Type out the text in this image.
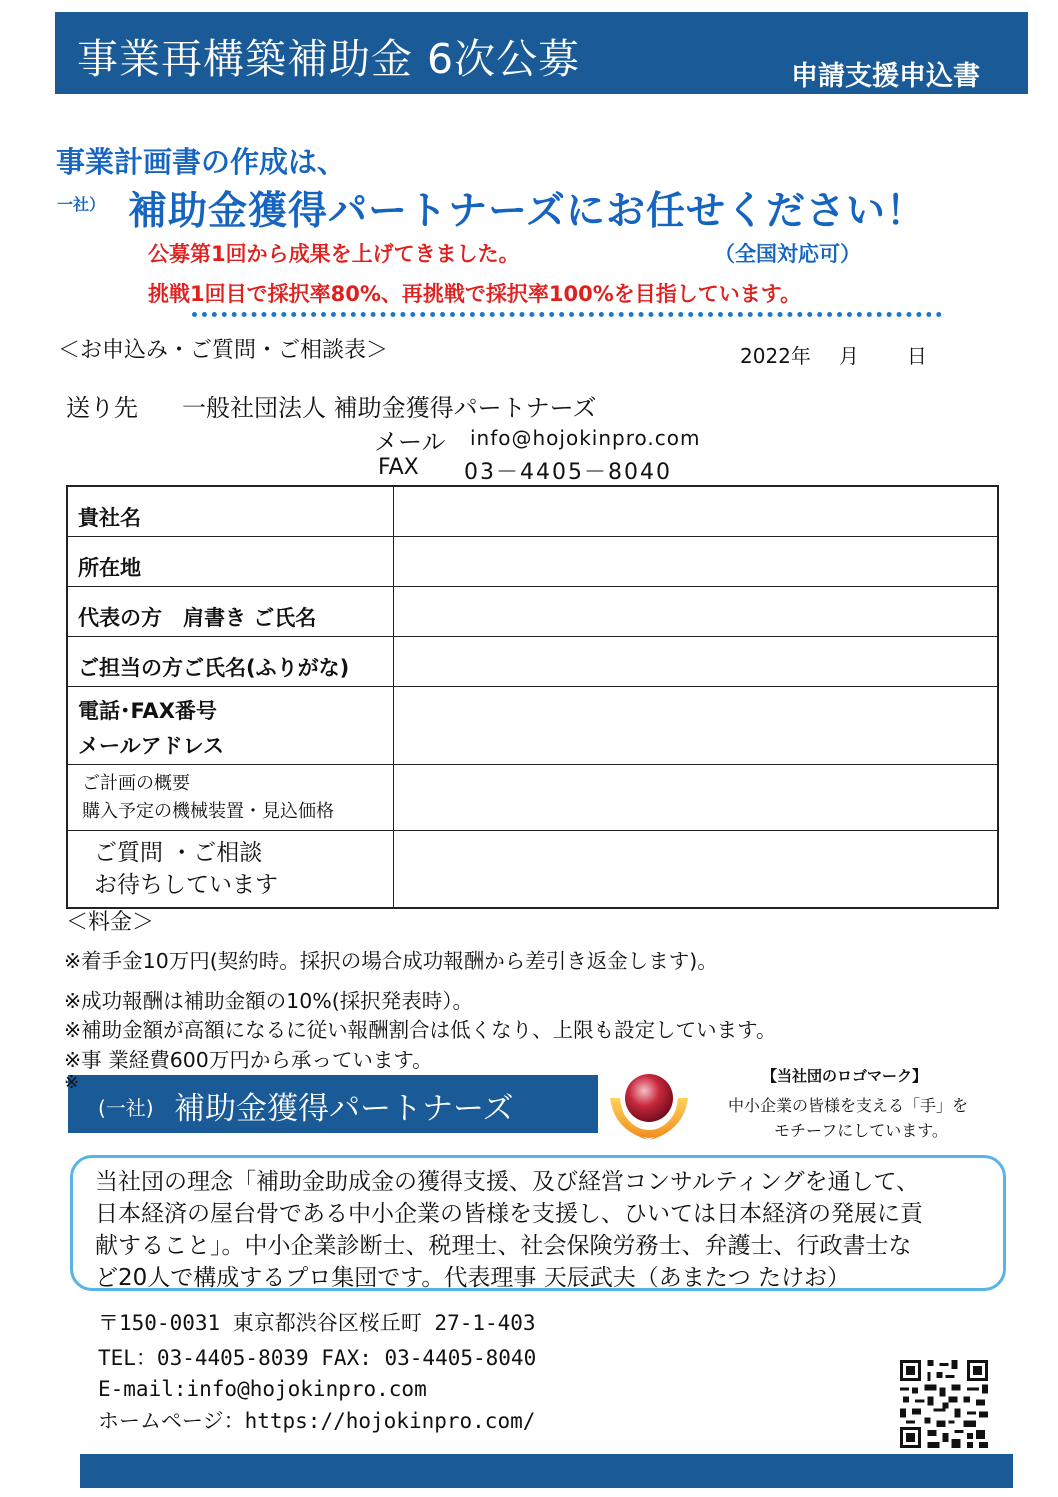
事業再構築補助金 6次公募	申請支援申込書
事業計画書の作成は、
一社） 補助金獲得パートナーズにお任せください！
公募第1回から成果を上げてきました。	（全国対応可）
挑戦1回目で採択率80%、再挑戦で採択率100%を目指しています。
＜お申込み・ご質問・ご相談表＞	2022年 月 日
送り先 一般社団法人 補助金獲得パートナーズ
メール info@hojokinpro.com
FAX 03－4405－8040
貴社名
所在地
代表の方　肩書き ご氏名
ご担当の方ご氏名(ふりがな)
電話･FAX番号
メールアドレス
ご計画の概要
購入予定の機械装置・見込価格
ご質問 ・ご相談
お待ちしています
＜料金＞
※着手金10万円(契約時。採択の場合成功報酬から差引き返金します)。
※成功報酬は補助金額の10%(採択発表時）。
※補助金額が高額になるに従い報酬割合は低くなり、上限も設定しています。
※事 業経費600万円から承っています。
(一社) 補助金獲得パートナーズ
※	【当社団のロゴマーク】
中小企業の皆様を支える「手」を
モチーフにしています。
当社団の理念「補助金助成金の獲得支援、及び経営コンサルティングを通して、
日本経済の屋台骨である中小企業の皆様を支援し、ひいては日本経済の発展に貢
献すること」。中小企業診断士、税理士、社会保険労務士、弁護士、行政書士な
ど20人で構成するプロ集団です。代表理事 天辰武夫（あまたつ たけお）
〒150-0031 東京都渋谷区桜丘町 27-1-403
TEL：03-4405-8039 FAX: 03-4405-8040
E-mail:info@hojokinpro.com
ホームページ：https://hojokinpro.com/
